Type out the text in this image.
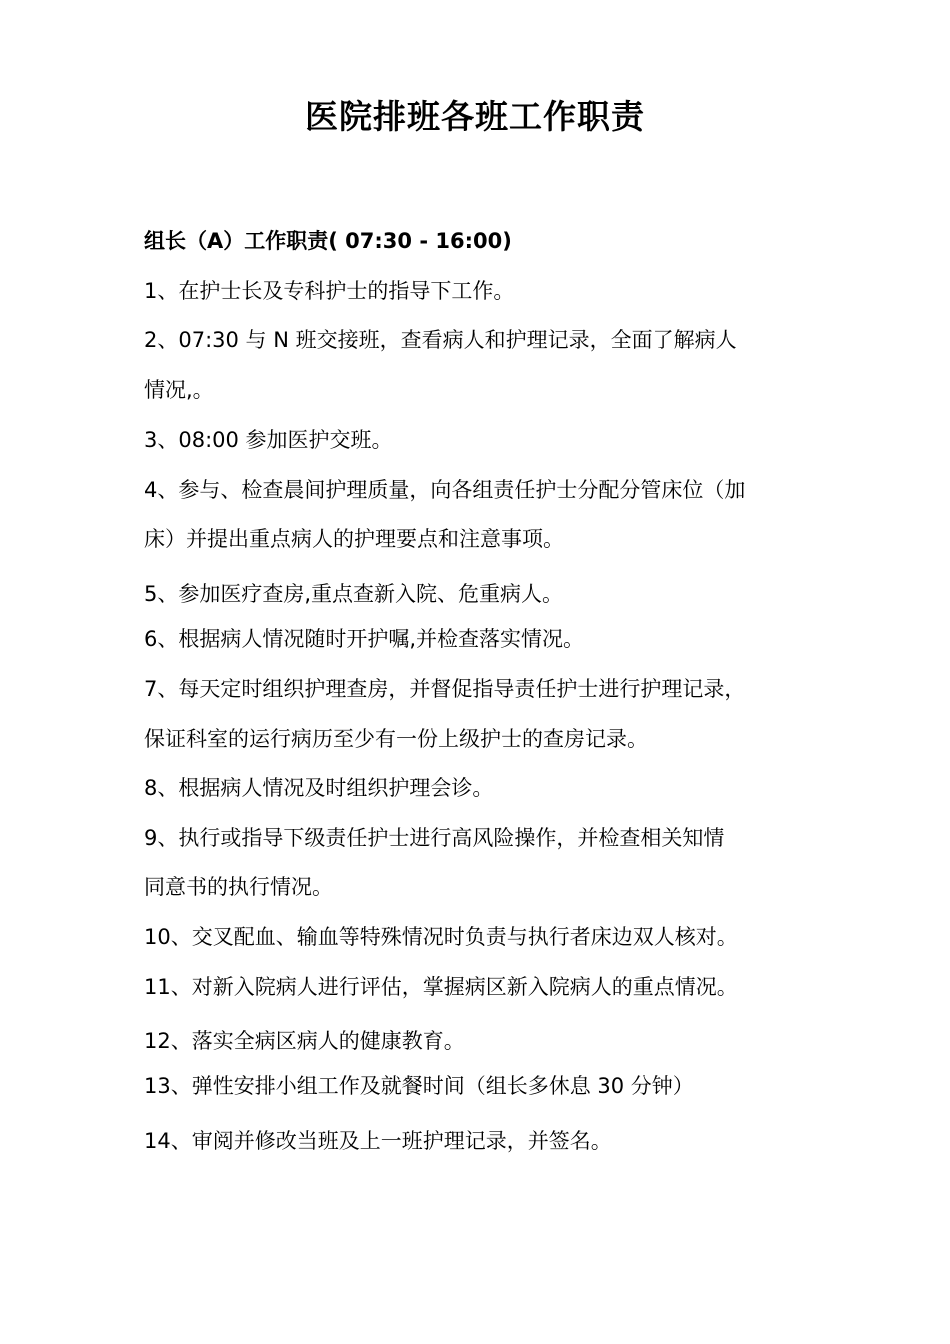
医院排班各班工作职责
组长（A）工作职责( 07:30 - 16:00)
1、在护士长及专科护士的指导下工作。
2、07:30 与 N 班交接班，查看病人和护理记录，全面了解病人
情况,。
3、08:00 参加医护交班。
4、参与、检查晨间护理质量，向各组责任护士分配分管床位（加
床）并提出重点病人的护理要点和注意事项。
5、参加医疗查房,重点查新入院、危重病人。
6、根据病人情况随时开护嘱,并检查落实情况。
7、每天定时组织护理查房，并督促指导责任护士进行护理记录，
保证科室的运行病历至少有一份上级护士的查房记录。
8、根据病人情况及时组织护理会诊。
9、执行或指导下级责任护士进行高风险操作，并检查相关知情
同意书的执行情况。
10、交叉配血、输血等特殊情况时负责与执行者床边双人核对。
11、对新入院病人进行评估，掌握病区新入院病人的重点情况。
12、落实全病区病人的健康教育。
13、弹性安排小组工作及就餐时间（组长多休息 30 分钟）
14、审阅并修改当班及上一班护理记录，并签名。
